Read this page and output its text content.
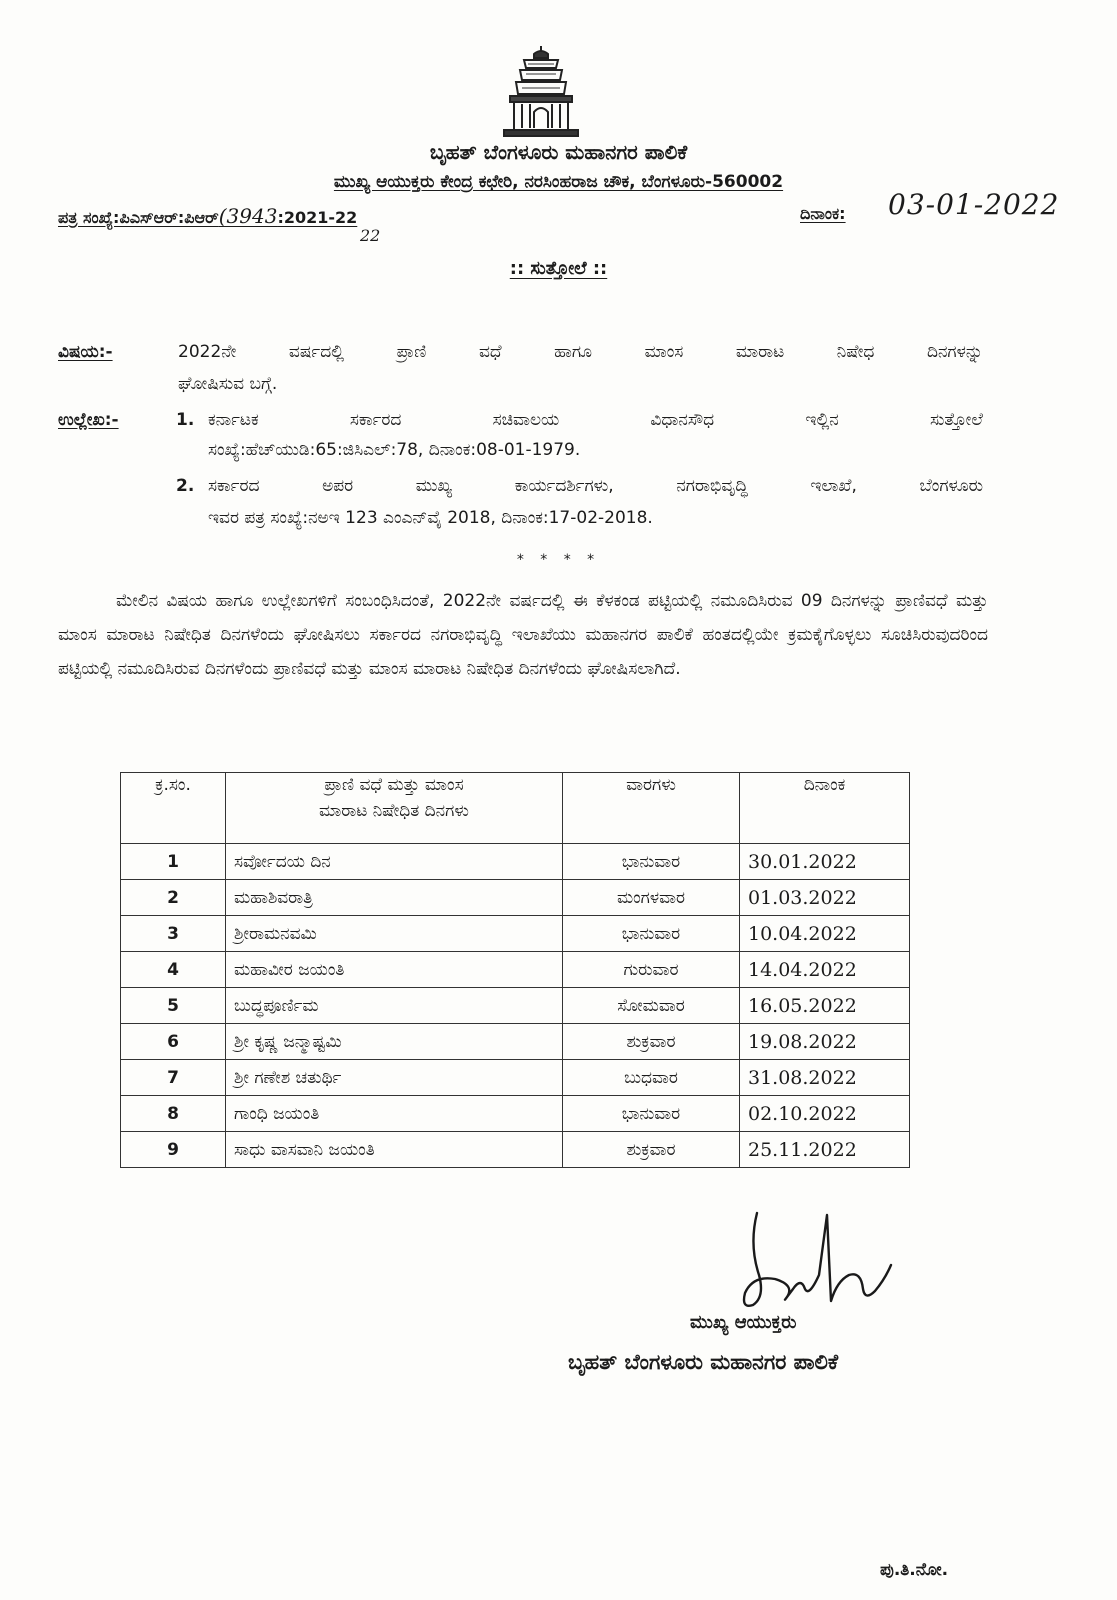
ಬೃಹತ್ ಬೆಂಗಳೂರು ಮಹಾನಗರ ಪಾಲಿಕೆ
ಮುಖ್ಯ ಆಯುಕ್ತರು ಕೇಂದ್ರ ಕಛೇರಿ, ನರಸಿಂಹರಾಜ ಚೌಕ, ಬೆಂಗಳೂರು-560002
ಪತ್ರ ಸಂಖ್ಯೆ:ಪಿಎಸ್‌ಆರ್:ಪಿಆರ್(3943:2021-22
22
ದಿನಾಂಕ: 03-01-2022
:: ಸುತ್ತೋಲೆ ::
ವಿಷಯ:-	2022ನೇ ವರ್ಷದಲ್ಲಿ ಪ್ರಾಣಿ ವಧೆ ಹಾಗೂ ಮಾಂಸ ಮಾರಾಟ ನಿಷೇಧ ದಿನಗಳನ್ನು
ಘೋಷಿಸುವ ಬಗ್ಗೆ.
ಉಲ್ಲೇಖ:-	1. ಕರ್ನಾಟಕ ಸರ್ಕಾರದ ಸಚಿವಾಲಯ ವಿಧಾನಸೌಧ ಇಲ್ಲಿನ ಸುತ್ತೋಲೆ
ಸಂಖ್ಯೆ:ಹೆಚ್‌ಯುಡಿ:65:ಜಿಸಿಎಲ್:78, ದಿನಾಂಕ:08-01-1979.
2. ಸರ್ಕಾರದ ಅಪರ ಮುಖ್ಯ ಕಾರ್ಯದರ್ಶಿಗಳು, ನಗರಾಭಿವೃದ್ಧಿ ಇಲಾಖೆ, ಬೆಂಗಳೂರು
ಇವರ ಪತ್ರ ಸಂಖ್ಯೆ:ನಅಇ 123 ಎಂಎನ್‌ವೈ 2018, ದಿನಾಂಕ:17-02-2018.
* * * *
ಮೇಲಿನ ವಿಷಯ ಹಾಗೂ ಉಲ್ಲೇಖಗಳಿಗೆ ಸಂಬಂಧಿಸಿದಂತೆ, 2022ನೇ ವರ್ಷದಲ್ಲಿ ಈ ಕೆಳಕಂಡ ಪಟ್ಟಿಯಲ್ಲಿ ನಮೂದಿಸಿರುವ 09 ದಿನಗಳನ್ನು ಪ್ರಾಣಿವಧೆ ಮತ್ತು ಮಾಂಸ ಮಾರಾಟ ನಿಷೇಧಿತ ದಿನಗಳೆಂದು ಘೋಷಿಸಲು ಸರ್ಕಾರದ ನಗರಾಭಿವೃದ್ಧಿ ಇಲಾಖೆಯು ಮಹಾನಗರ ಪಾಲಿಕೆ ಹಂತದಲ್ಲಿಯೇ ಕ್ರಮಕೈಗೊಳ್ಳಲು ಸೂಚಿಸಿರುವುದರಿಂದ ಪಟ್ಟಿಯಲ್ಲಿ ನಮೂದಿಸಿರುವ ದಿನಗಳೆಂದು ಪ್ರಾಣಿವಧೆ ಮತ್ತು ಮಾಂಸ ಮಾರಾಟ ನಿಷೇಧಿತ ದಿನಗಳೆಂದು ಘೋಷಿಸಲಾಗಿದೆ.
ಕ್ರ.ಸಂ.	ಪ್ರಾಣಿ ವಧೆ ಮತ್ತು ಮಾಂಸ
ಮಾರಾಟ ನಿಷೇಧಿತ ದಿನಗಳು	ವಾರಗಳು	ದಿನಾಂಕ
1	ಸರ್ವೋದಯ ದಿನ	ಭಾನುವಾರ	30.01.2022
2	ಮಹಾಶಿವರಾತ್ರಿ	ಮಂಗಳವಾರ	01.03.2022
3	ಶ್ರೀರಾಮನವಮಿ	ಭಾನುವಾರ	10.04.2022
4	ಮಹಾವೀರ ಜಯಂತಿ	ಗುರುವಾರ	14.04.2022
5	ಬುದ್ಧಪೂರ್ಣಿಮ	ಸೋಮವಾರ	16.05.2022
6	ಶ್ರೀ ಕೃಷ್ಣ ಜನ್ಮಾಷ್ಟಮಿ	ಶುಕ್ರವಾರ	19.08.2022
7	ಶ್ರೀ ಗಣೇಶ ಚತುರ್ಥಿ	ಬುಧವಾರ	31.08.2022
8	ಗಾಂಧಿ ಜಯಂತಿ	ಭಾನುವಾರ	02.10.2022
9	ಸಾಧು ವಾಸವಾನಿ ಜಯಂತಿ	ಶುಕ್ರವಾರ	25.11.2022
ಮುಖ್ಯ ಆಯುಕ್ತರು
ಬೃಹತ್ ಬೆಂಗಳೂರು ಮಹಾನಗರ ಪಾಲಿಕೆ
ಪು.ತಿ.ನೋ.
